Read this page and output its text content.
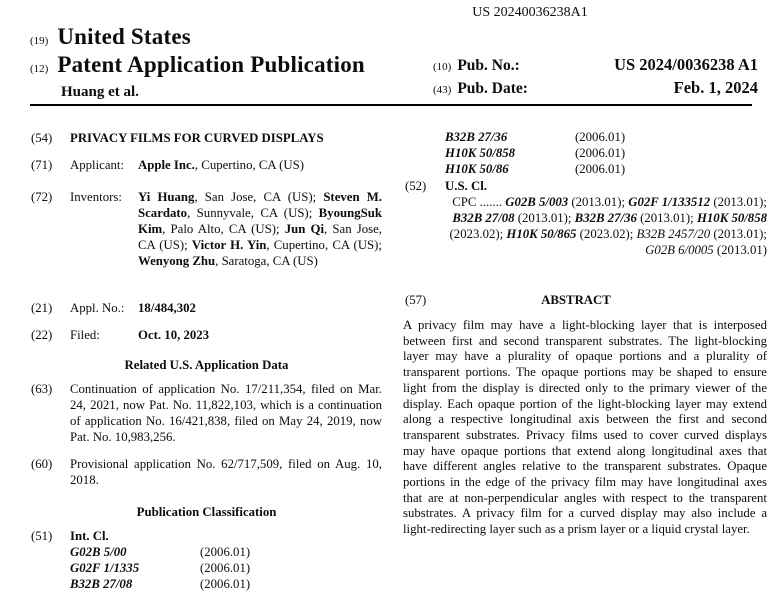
US 20240036238A1
(19) United States
(12) Patent Application Publication
Huang et al.
(10) Pub. No.:	US 2024/0036238 A1
(43) Pub. Date:	Feb. 1, 2024
(54)	PRIVACY FILMS FOR CURVED DISPLAYS
(71)	Applicant:	Apple Inc., Cupertino, CA (US)
(72)	Inventors:	Yi Huang, San Jose, CA (US); Steven M. Scardato, Sunnyvale, CA (US); ByoungSuk Kim, Palo Alto, CA (US); Jun Qi, San Jose, CA (US); Victor H. Yin, Cupertino, CA (US); Wenyong Zhu, Saratoga, CA (US)
(21)	Appl. No.:	18/484,302
(22)	Filed:	Oct. 10, 2023
Related U.S. Application Data
(63)	Continuation of application No. 17/211,354, filed on Mar. 24, 2021, now Pat. No. 11,822,103, which is a continuation of application No. 16/421,838, filed on May 24, 2019, now Pat. No. 10,983,256.
(60)	Provisional application No. 62/717,509, filed on Aug. 10, 2018.
Publication Classification
(51)	Int. Cl.
G02B 5/00	(2006.01)
G02F 1/1335	(2006.01)
B32B 27/08	(2006.01)
B32B 27/36	(2006.01)
H10K 50/858	(2006.01)
H10K 50/86	(2006.01)
(52)	U.S. Cl.
CPC ....... G02B 5/003 (2013.01); G02F 1/133512 (2013.01); B32B 27/08 (2013.01); B32B 27/36 (2013.01); H10K 50/858 (2023.02); H10K 50/865 (2023.02); B32B 2457/20 (2013.01); G02B 6/0005 (2013.01)
(57)	ABSTRACT
A privacy film may have a light-blocking layer that is interposed between first and second transparent substrates. The light-blocking layer may have a plurality of opaque portions and a plurality of transparent portions. The opaque portions may be shaped to ensure light from the display is directed only to the primary viewer of the display. Each opaque portion of the light-blocking layer may extend along a respective longitudinal axis between the first and second transparent substrates. Privacy films used to cover curved displays may have opaque portions that extend along longitudinal axes that have different angles relative to the transparent substrates. Opaque portions in the edge of the privacy film may have longitudinal axes that are at non-perpendicular angles with respect to the transparent substrates. A privacy film for a curved display may also include a light-redirecting layer such as a prism layer or a liquid crystal layer.
